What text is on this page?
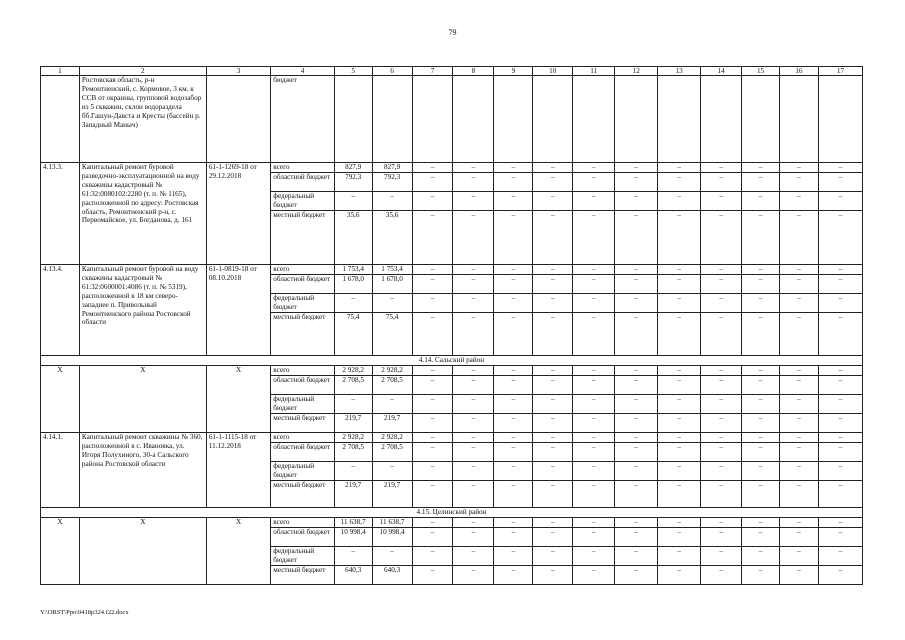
79
1	2	3	4	5	6	7	8	9	10	11	12	13	14	15	16	17
	Ростовская область, р-н Ремонтненский, с. Кормовое, 3 км. к ССВ от окраины, групповой водозабор из 5 скважин, склон водораздела бб.Гашун-Давста и Кресты (бассейн р. Западный Маныч)		бюджет													
4.13.3.	Капитальный ремонт буровой разведочно-эксплуатационной на воду скважины кадастровый № 61:32:0080102:2280 (т. п. № 1165), расположенной по адресу: Ростовская область, Ремонтненский р-н, с. Первомайское, ул. Богданова, д. 161	61-1-1269-18 от 29.12.2018	всего	827,9	827,9	–	–	–	–	–	–	–	–	–	–	–
			областной бюджет	792,3	792,3	–	–	–	–	–	–	–	–	–	–	–
			федеральный бюджет	–	–	–	–	–	–	–	–	–	–	–	–	–
			местный бюджет	35,6	35,6	–	–	–	–	–	–	–	–	–	–	–
4.13.4.	Капитальный ремонт буровой на воду скважины кадастровый № 61:32:0600001:4086 (т. п. № 5319), расположенной в 18 км северо-западнее п. Привольный Ремонтненского района Ростовской области	61-1-0819-18 от 08.10.2018	всего	1 753,4	1 753,4	–	–	–	–	–	–	–	–	–	–	–
			областной бюджет	1 678,0	1 678,0	–	–	–	–	–	–	–	–	–	–	–
			федеральный бюджет	–	–	–	–	–	–	–	–	–	–	–	–	–
			местный бюджет	75,4	75,4	–	–	–	–	–	–	–	–	–	–	–
4.14. Сальский район																
Х	Х	Х	всего	2 928,2	2 928,2	–	–	–	–	–	–	–	–	–	–	–
			областной бюджет	2 708,5	2 708,5	–	–	–	–	–	–	–	–	–	–	–
			федеральный бюджет	–	–	–	–	–	–	–	–	–	–	–	–	–
			местный бюджет	219,7	219,7	–	–	–	–	–	–	–	–	–	–	–
4.14.1.	Капитальный ремонт скважины № 360, расположенной в с. Ивановка, ул. Игоря Полухиного, 30-а Сальского района Ростовской области	61-1-1115-18 от 11.12.2018	всего	2 928,2	2 928,2	–	–	–	–	–	–	–	–	–	–	–
			областной бюджет	2 708,5	2 708,5	–	–	–	–	–	–	–	–	–	–	–
			федеральный бюджет	–	–	–	–	–	–	–	–	–	–	–	–	–
			местный бюджет	219,7	219,7	–	–	–	–	–	–	–	–	–	–	–
4.15. Целинский район																
Х	Х	Х	всего	11 638,7	11 638,7	–	–	–	–	–	–	–	–	–	–	–
			областной бюджет	10 998,4	10 998,4	–	–	–	–	–	–	–	–	–	–	–
			федеральный бюджет	–	–	–	–	–	–	–	–	–	–	–	–	–
			местный бюджет	640,3	640,3	–	–	–	–	–	–	–	–	–	–	–
Y:\ORST\Ppo\0418p324.f22.docx
